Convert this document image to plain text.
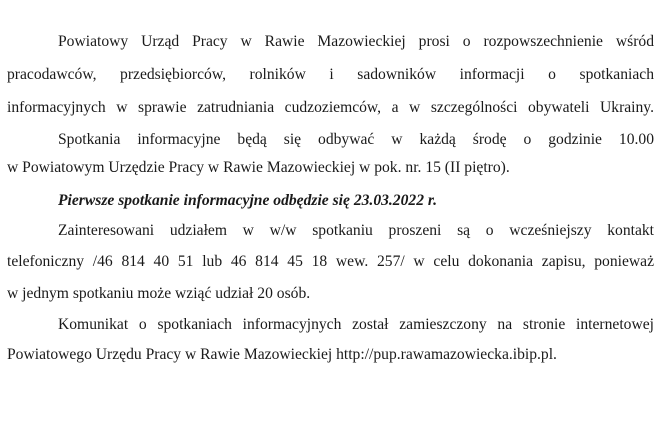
Powiatowy Urząd Pracy w Rawie Mazowieckiej prosi o rozpowszechnienie wśród
pracodawców, przedsiębiorców, rolników i sadowników informacji o spotkaniach
informacyjnych w sprawie zatrudniania cudzoziemców, a w szczególności obywateli Ukrainy.
Spotkania informacyjne będą się odbywać w każdą środę o godzinie 10.00
w Powiatowym Urzędzie Pracy w Rawie Mazowieckiej w pok. nr. 15 (II piętro).
Pierwsze spotkanie informacyjne odbędzie się 23.03.2022 r.
Zainteresowani udziałem w w/w spotkaniu proszeni są o wcześniejszy kontakt
telefoniczny /46 814 40 51 lub 46 814 45 18 wew. 257/ w celu dokonania zapisu, ponieważ
w jednym spotkaniu może wziąć udział 20 osób.
Komunikat o spotkaniach informacyjnych został zamieszczony na stronie internetowej
Powiatowego Urzędu Pracy w Rawie Mazowieckiej http://pup.rawamazowiecka.ibip.pl.
